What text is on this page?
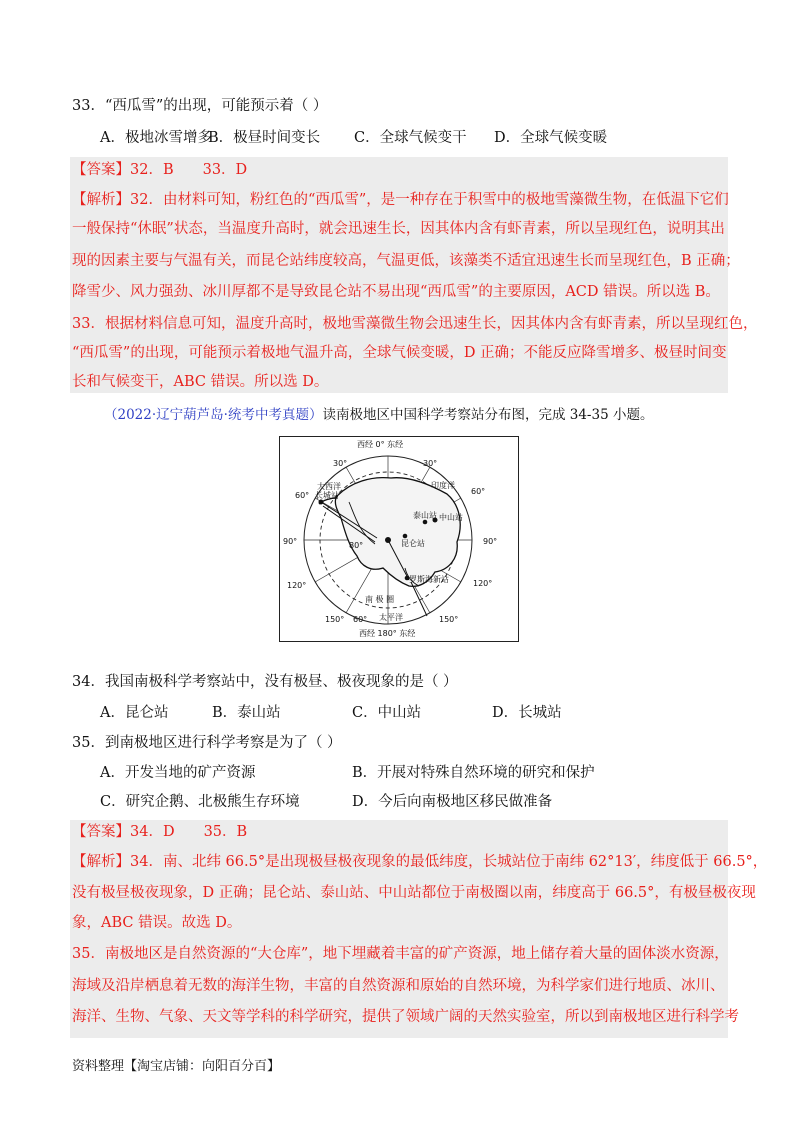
33．“西瓜雪”的出现，可能预示着（ ）
A．极地冰雪增多
B．极昼时间变长 C．全球气候变干 D．全球气候变暖
【答案】32．B　　33．D
【解析】32．由材料可知，粉红色的“西瓜雪”，是一种存在于积雪中的极地雪藻微生物，在低温下它们
一般保持“休眠”状态，当温度升高时，就会迅速生长，因其体内含有虾青素，所以呈现红色，说明其出
现的因素主要与气温有关，而昆仑站纬度较高，气温更低，该藻类不适宜迅速生长而呈现红色，B 正确；
降雪少、风力强劲、冰川厚都不是导致昆仑站不易出现“西瓜雪”的主要原因，ACD 错误。所以选 B。
33．根据材料信息可知，温度升高时，极地雪藻微生物会迅速生长，因其体内含有虾青素，所以呈现红色，
“西瓜雪”的出现，可能预示着极地气温升高，全球气候变暖，D 正确；不能反应降雪增多、极昼时间变
长和气候变干，ABC 错误。所以选 D。
（2022·辽宁葫芦岛·统考中考真题）读南极地区中国科学考察站分布图，完成 34-35 小题。
西经 0° 东经
西经 180° 东经
30°	30°
60°	60°
90°	90°
120°	120°
150°	150°
60°
80°
大西洋
长城站
印度洋
泰山站 中山站
昆仑站
罗斯海新站
南 极 圈
太平洋
34．我国南极科学考察站中，没有极昼、极夜现象的是（ ）
A．昆仑站	B．泰山站	C．中山站	D．长城站
35．到南极地区进行科学考察是为了（ ）
A．开发当地的矿产资源	B．开展对特殊自然环境的研究和保护
C．研究企鹅、北极熊生存环境	D．今后向南极地区移民做准备
【答案】34．D　　35．B
【解析】34．南、北纬 66.5°是出现极昼极夜现象的最低纬度，长城站位于南纬 62°13′，纬度低于 66.5°，
没有极昼极夜现象，D 正确；昆仑站、泰山站、中山站都位于南极圈以南，纬度高于 66.5°，有极昼极夜现
象，ABC 错误。故选 D。
35．南极地区是自然资源的“大仓库”，地下埋藏着丰富的矿产资源，地上储存着大量的固体淡水资源，
海域及沿岸栖息着无数的海洋生物，丰富的自然资源和原始的自然环境，为科学家们进行地质、冰川、
海洋、生物、气象、天文等学科的科学研究，提供了领域广阔的天然实验室，所以到南极地区进行科学考
资料整理【淘宝店铺：向阳百分百】
